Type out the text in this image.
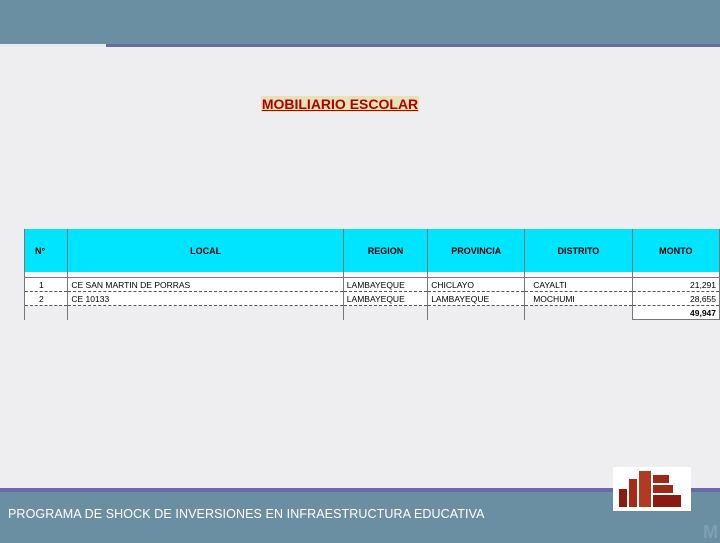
MOBILIARIO ESCOLAR
N°	LOCAL	REGION	PROVINCIA	DISTRITO	MONTO

1	CE SAN MARTIN DE PORRAS	LAMBAYEQUE	CHICLAYO	CAYALTI	21,291
2	CE 10133	LAMBAYEQUE	LAMBAYEQUE	MOCHUMI	28,655
					49,947
PROGRAMA DE SHOCK DE INVERSIONES EN INFRAESTRUCTURA EDUCATIVA
M
